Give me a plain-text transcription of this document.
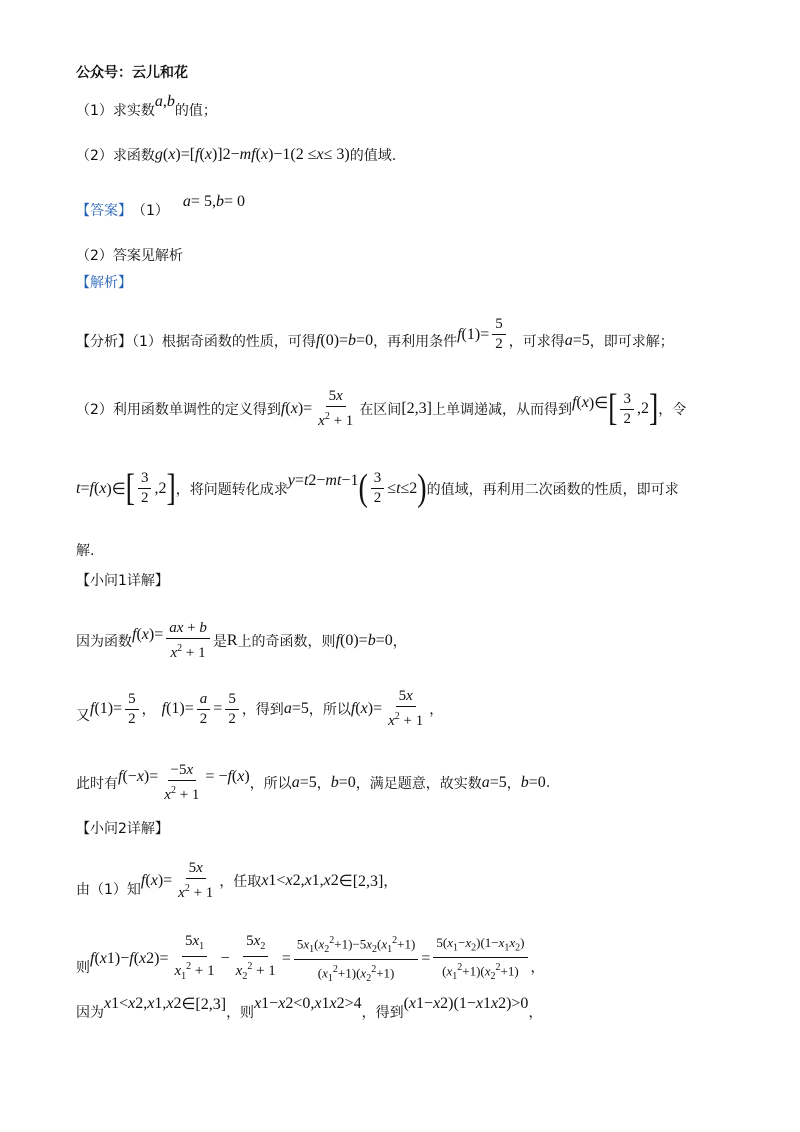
公众号：云儿和花
（1）求实数
a , b
的值；
（2）求函数 g ( x )=[ f ( x )] 2 − mf ( x )−1(2 ≤ x ≤ 3) 的值域.
【答案】 （1）
a = 5, b = 0
（2）答案见解析
【解析】
【分析】（1）根据奇函数的性质，可得 f (0)= b =0 ，再利用条件 f $(1)= \frac{5}{2}$ ，可求得 a =5 ，即可求解；
（2）利用函数单调性的定义得到 f ( x )= $\frac{5x}{x^2 + 1}$ 在区间 [2,3] 上单调递减，从而得到 f ( x )∈ [ $\frac{3}{2} ,2$ ] ，令
t = f ( x )∈ [ $\frac{3}{2} ,2$ ] ，将问题转化成求
$y = t^2$ − mt −1 ( $\frac{3}{2} \le t \le 2$ ) 的值域，再利用二次函数的性质，即可求
解.
【小问1详解】
因为函数 f ( x )= $\frac{ax + b}{x^2 + 1}$ 是 R 上的奇函数，则 f (0)= b =0 ，
又 f $(1)= \frac{5}{2}$ ， f $(1)= \frac{a}{2} = \frac{5}{2}$ ，得到 a =5 ，所以 f ( x )= $\frac{5x}{x^2 + 1}$ ，
此时有 f (− x )= $\frac{-5x}{x^2 + 1}$ = − f ( x ) ，所以 a =5 ， b =0 ，满足题意，故实数 a =5 ， b =0 .
【小问2详解】
由（1）知
f ( x )= $\frac{5x}{x^2 + 1}$ ，任取 x 1 < x 2 , x 1 , x 2 ∈[2,3] ，
则
f ( x 1 )− f ( x 2 )= $\frac{5x_1}{x_1^2 + 1} - \frac{5x_2}{x_2^2 + 1} = \frac{5x_1(x_2^2+1)-5x_2(x_1^2+1)}{(x_1^2+1)(x_2^2+1)} = \frac{5(x_1-x_2)(1-x_1x_2)}{(x_1^2+1)(x_2^2+1)}$ ，
因为
x 1 < x 2 , x 1 , x 2 ∈[2,3] ，则
x 1 − x 2 <0, x 1 x 2 >4
，得到
( x 1 − x 2 )(1− x 1 x 2 )>0
，
